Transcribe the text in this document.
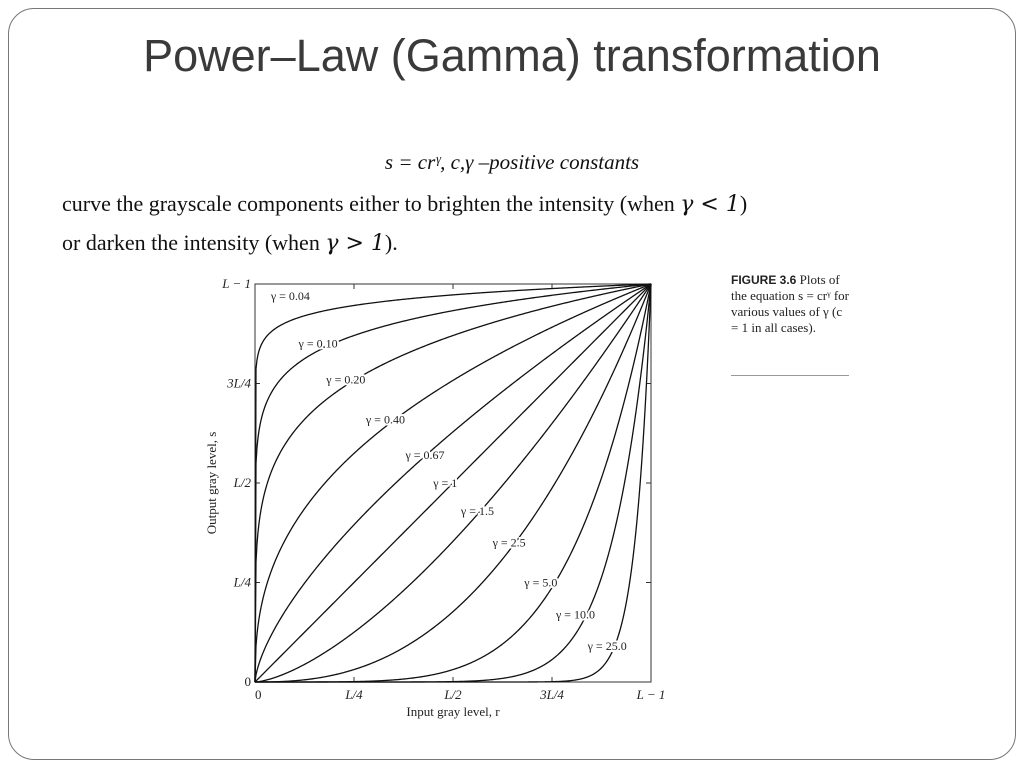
Power–Law (Gamma) transformation
s = crᵞ, c,γ –positive constants
curve the grayscale components either to brighten the intensity (when γ < 1)
or darken the intensity (when γ > 1).
0
0
L/4
L/4
L/2
L/2
3L/4
3L/4
L − 1
L − 1
γ = 0.04
γ = 0.10
γ = 0.20
γ = 0.40
γ = 0.67
γ = 1
γ = 1.5
γ = 2.5
γ = 5.0
γ = 10.0
γ = 25.0
Input gray level, r
Output gray level, s
FIGURE 3.6 Plots of the equation s = crᵞ for various values of γ (c = 1 in all cases).
